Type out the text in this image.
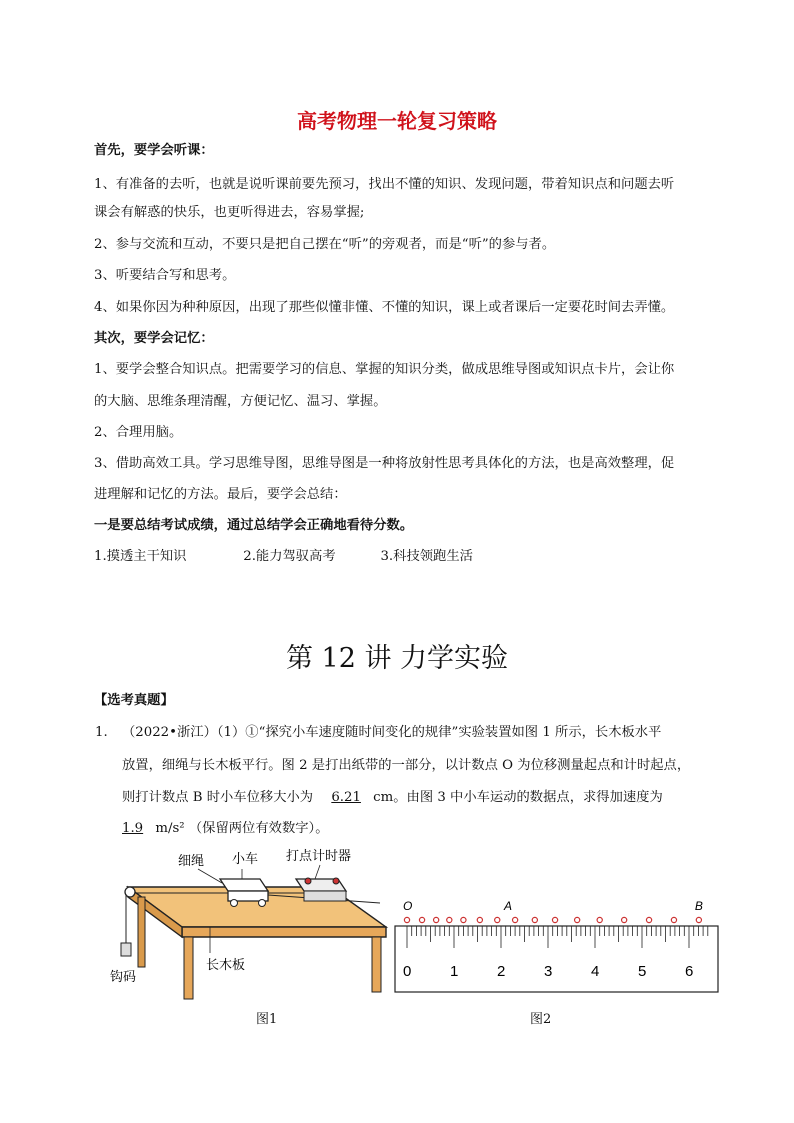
高考物理一轮复习策略
首先，要学会听课：
1、有准备的去听，也就是说听课前要先预习，找出不懂的知识、发现问题，带着知识点和问题去听
课会有解惑的快乐，也更听得进去，容易掌握;
2、参与交流和互动，不要只是把自己摆在“听”的旁观者，而是“听”的参与者。
3、听要结合写和思考。
4、如果你因为种种原因，出现了那些似懂非懂、不懂的知识，课上或者课后一定要花时间去弄懂。
其次，要学会记忆：
1、要学会整合知识点。把需要学习的信息、掌握的知识分类，做成思维导图或知识点卡片，会让你
的大脑、思维条理清醒，方便记忆、温习、掌握。
2、合理用脑。
3、借助高效工具。学习思维导图，思维导图是一种将放射性思考具体化的方法，也是高效整理，促
进理解和记忆的方法。最后，要学会总结：
一是要总结考试成绩，通过总结学会正确地看待分数。
1.摸透主干知识	2.能力驾驭高考	3.科技领跑生活
第 12 讲 力学实验
【选考真题】
1. （2022•浙江）（1）①“探究小车速度随时间变化的规律”实验装置如图 1 所示，长木板水平
放置，细绳与长木板平行。图 2 是打出纸带的一部分，以计数点 O 为位移测量起点和计时起点，
则打计数点 B 时小车位移大小为 6.21 cm。由图 3 中小车运动的数据点，求得加速度为
1.9 m/s² （保留两位有效数字）。
细绳 小车 打点计时器
钩码
长木板
图1
O	A	B
0	1	2	3	4	5	6
图2
